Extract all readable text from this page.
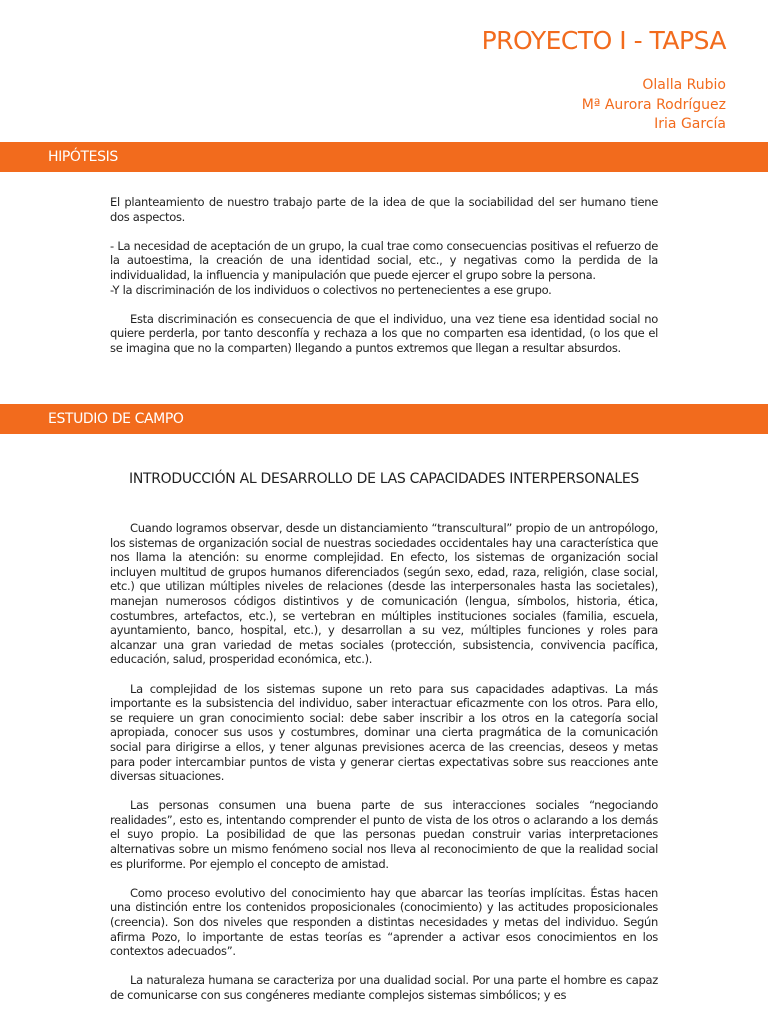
PROYECTO I - TAPSA
Olalla Rubio
Mª Aurora Rodríguez
Iria García
HIPÓTESIS

El planteamiento de nuestro trabajo parte de la idea de que la sociabilidad del ser humano tiene dos aspectos.

- La necesidad de aceptación de un grupo, la cual trae como consecuencias positivas el refuerzo de la autoestima, la creación de una identidad social, etc., y negativas como la perdida de la individualidad, la influencia y manipulación que puede ejercer el grupo sobre la persona.

-Y la discriminación de los individuos o colectivos no pertenecientes a ese grupo.

Esta discriminación es consecuencia de que el individuo, una vez tiene esa identidad social no quiere perderla, por tanto desconfía y rechaza a los que no comparten esa identidad, (o los que el se imagina que no la comparten) llegando a puntos extremos que llegan a resultar absurdos.

ESTUDIO DE CAMPO
INTRODUCCIÓN AL DESARROLLO DE LAS CAPACIDADES INTERPERSONALES

Cuando logramos observar, desde un distanciamiento “transcultural” propio de un antropólogo, los sistemas de organización social de nuestras sociedades occidentales hay una característica que nos llama la atención: su enorme complejidad. En efecto, los sistemas de organización social incluyen multitud de grupos humanos diferenciados (según sexo, edad, raza, religión, clase social, etc.) que utilizan múltiples niveles de relaciones (desde las interpersonales hasta las societales), manejan numerosos códigos distintivos y de comunicación (lengua, símbolos, historia, ética, costumbres, artefactos, etc.), se vertebran en múltiples instituciones sociales (familia, escuela, ayuntamiento, banco, hospital, etc.), y desarrollan a su vez, múltiples funciones y roles para alcanzar una gran variedad de metas sociales (protección, subsistencia, convivencia pacífica, educación, salud, prosperidad económica, etc.).

La complejidad de los sistemas supone un reto para sus capacidades adaptivas. La más importante es la subsistencia del individuo, saber interactuar eficazmente con los otros. Para ello, se requiere un gran conocimiento social: debe saber inscribir a los otros en la categoría social apropiada, conocer sus usos y costumbres, dominar una cierta pragmática de la comunicación social para dirigirse a ellos, y tener algunas previsiones acerca de las creencias, deseos y metas para poder intercambiar puntos de vista y generar ciertas expectativas sobre sus reacciones ante diversas situaciones.

Las personas consumen una buena parte de sus interacciones sociales “negociando realidades”, esto es, intentando comprender el punto de vista de los otros o aclarando a los demás el suyo propio. La posibilidad de que las personas puedan construir varias interpretaciones alternativas sobre un mismo fenómeno social nos lleva al reconocimiento de que la realidad social es pluriforme. Por ejemplo el concepto de amistad.

Como proceso evolutivo del conocimiento hay que abarcar las teorías implícitas. Éstas hacen una distinción entre los contenidos proposicionales (conocimiento) y las actitudes proposicionales (creencia). Son dos niveles que responden a distintas necesidades y metas del individuo. Según afirma Pozo, lo importante de estas teorías es “aprender a activar esos conocimientos en los contextos adecuados”.

La naturaleza humana se caracteriza por una dualidad social. Por una parte el hombre es capaz de comunicarse con sus congéneres mediante complejos sistemas simbólicos; y es
